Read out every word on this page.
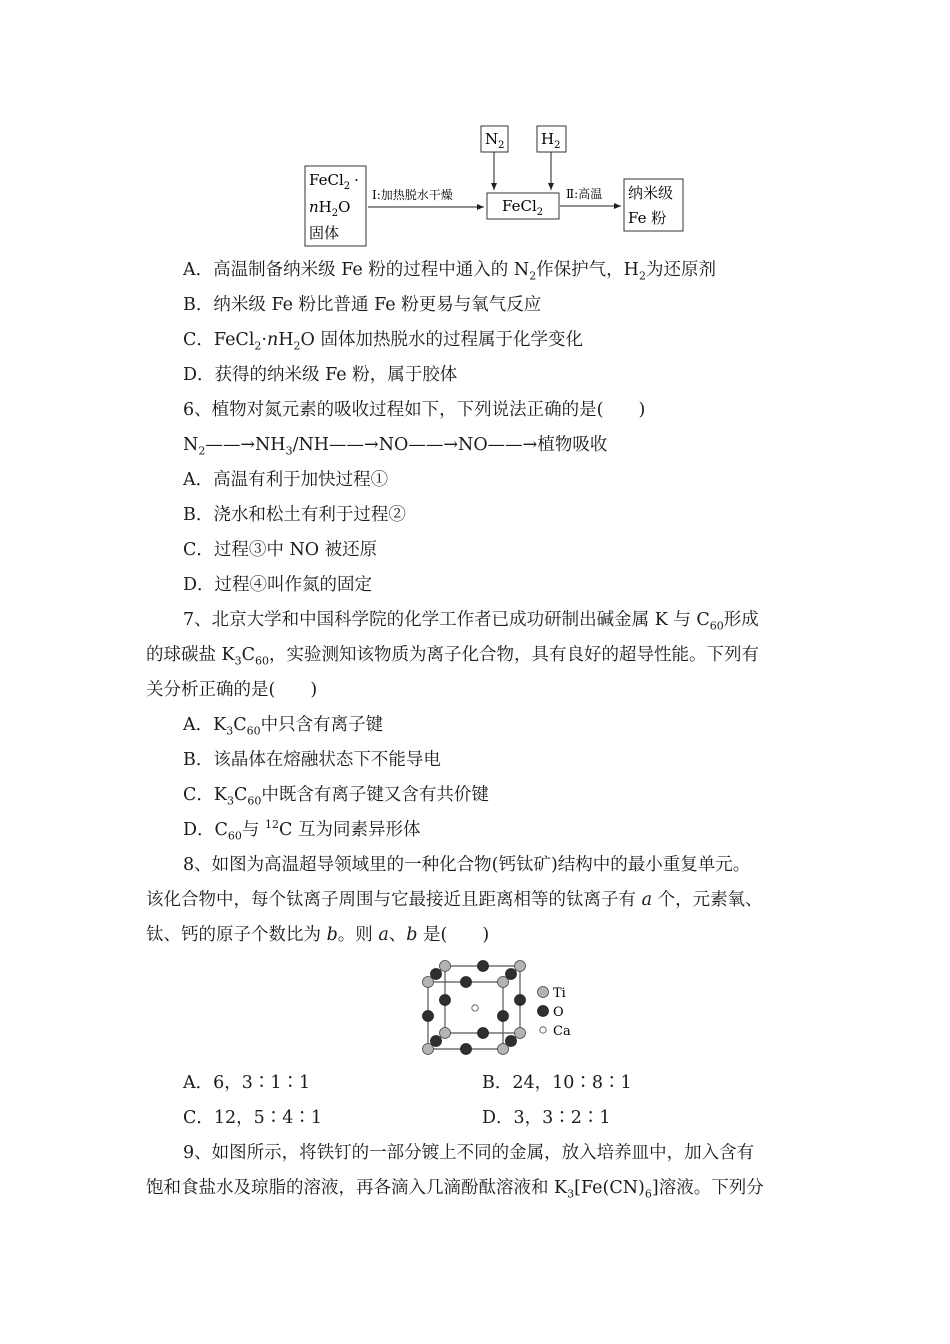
FeCl$_2$ ·
$nH_2O$
固体
Ⅰ:加热脱水干燥
FeCl$_2$
$N_2$ $H_2$
Ⅱ:高温 纳米级
Fe 粉
A．高温制备纳米级 Fe 粉的过程中通入的 $N_2$作保护气，$H_2$为还原剂
B．纳米级 Fe 粉比普通 Fe 粉更易与氧气反应
C．$FeCl_2\cdot nH_2O$ 固体加热脱水的过程属于化学变化
D．获得的纳米级 Fe 粉，属于胶体
6、植物对氮元素的吸收过程如下，下列说法正确的是(　　)
$N_2——\to NH_3/NH——\to NO——\to NO——\to$植物吸收
A．高温有利于加快过程①
B．浇水和松土有利于过程②
C．过程③中 NO 被还原
D．过程④叫作氮的固定
7、北京大学和中国科学院的化学工作者已成功研制出碱金属 K 与 $C_{60}$形成
的球碳盐 $K_3C_{60}$，实验测知该物质为离子化合物，具有良好的超导性能。下列有
关分析正确的是(　　)
A．$K_3C_{60}$中只含有离子键
B．该晶体在熔融状态下不能导电
C．$K_3C_{60}$中既含有离子键又含有共价键
D．$C_{60}$与 $^{12}$C 互为同素异形体
8、如图为高温超导领域里的一种化合物(钙钛矿)结构中的最小重复单元。
该化合物中，每个钛离子周围与它最接近且距离相等的钛离子有 a 个，元素氧、
钛、钙的原子个数比为 b。则 a、b 是(　　)
Ti
O
Ca
A．6，3∶1∶1	B．24，10∶8∶1
C．12，5∶4∶1	D．3，3∶2∶1
9、如图所示，将铁钉的一部分镀上不同的金属，放入培养皿中，加入含有
饱和食盐水及琼脂的溶液，再各滴入几滴酚酞溶液和 $K_3[Fe(CN)_6]$溶液。下列分
